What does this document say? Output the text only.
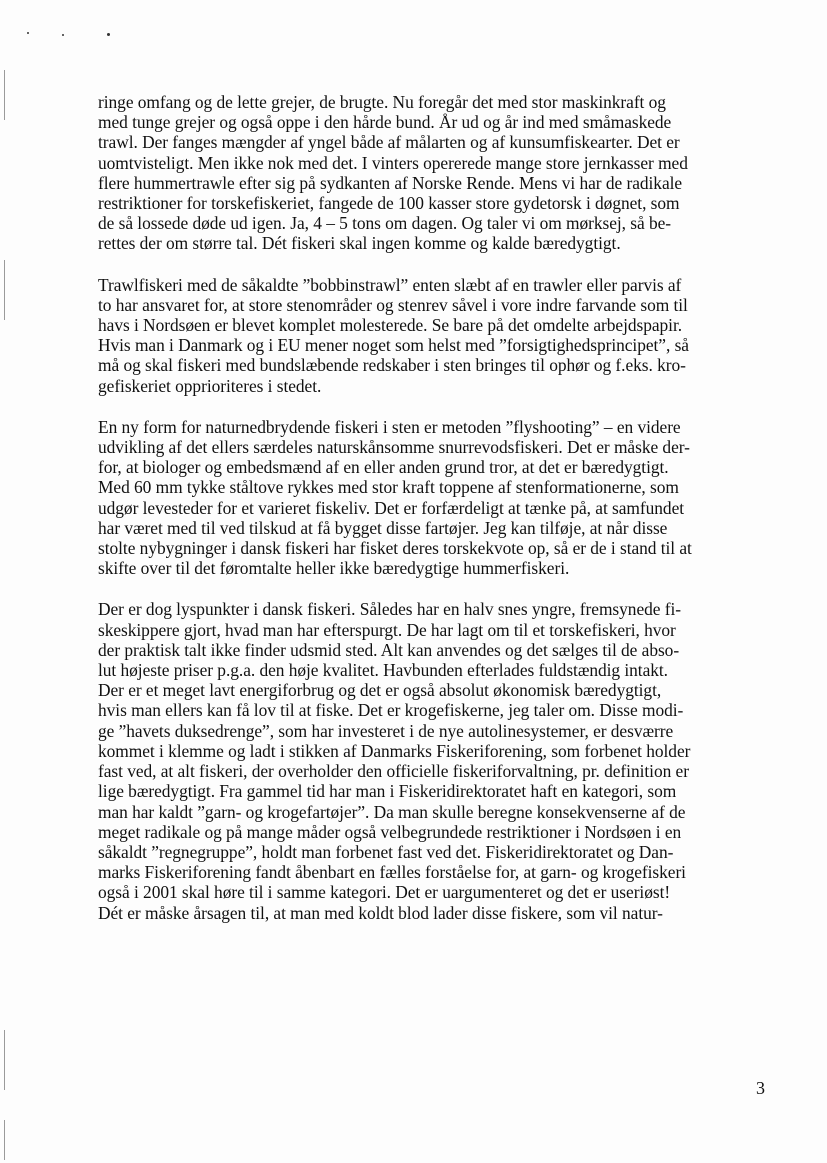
ringe omfang og de lette grejer, de brugte. Nu foregår det med stor maskinkraft og
med tunge grejer og også oppe i den hårde bund. År ud og år ind med småmaskede
trawl. Der fanges mængder af yngel både af målarten og af kunsumfiskearter. Det er
uomtvisteligt. Men ikke nok med det. I vinters opererede mange store jernkasser med
flere hummertrawle efter sig på sydkanten af Norske Rende. Mens vi har de radikale
restriktioner for torskefiskeriet, fangede de 100 kasser store gydetorsk i døgnet, som
de så lossede døde ud igen. Ja, 4 – 5 tons om dagen. Og taler vi om mørksej, så be-
rettes der om større tal. Dét fiskeri skal ingen komme og kalde bæredygtigt.

Trawlfiskeri med de såkaldte ”bobbinstrawl” enten slæbt af en trawler eller parvis af
to har ansvaret for, at store stenområder og stenrev såvel i vore indre farvande som til
havs i Nordsøen er blevet komplet molesterede. Se bare på det omdelte arbejdspapir.
Hvis man i Danmark og i EU mener noget som helst med ”forsigtighedsprincipet”, så
må og skal fiskeri med bundslæbende redskaber i sten bringes til ophør og f.eks. kro-
gefiskeriet opprioriteres i stedet.

En ny form for naturnedbrydende fiskeri i sten er metoden ”flyshooting” – en videre
udvikling af det ellers særdeles naturskånsomme snurrevodsfiskeri. Det er måske der-
for, at biologer og embedsmænd af en eller anden grund tror, at det er bæredygtigt.
Med 60 mm tykke ståltove rykkes med stor kraft toppene af stenformationerne, som
udgør levesteder for et varieret fiskeliv. Det er forfærdeligt at tænke på, at samfundet
har været med til ved tilskud at få bygget disse fartøjer. Jeg kan tilføje, at når disse
stolte nybygninger i dansk fiskeri har fisket deres torskekvote op, så er de i stand til at
skifte over til det føromtalte heller ikke bæredygtige hummerfiskeri.

Der er dog lyspunkter i dansk fiskeri. Således har en halv snes yngre, fremsynede fi-
skeskippere gjort, hvad man har efterspurgt. De har lagt om til et torskefiskeri, hvor
der praktisk talt ikke finder udsmid sted. Alt kan anvendes og det sælges til de abso-
lut højeste priser p.g.a. den høje kvalitet. Havbunden efterlades fuldstændig intakt.
Der er et meget lavt energiforbrug og det er også absolut økonomisk bæredygtigt,
hvis man ellers kan få lov til at fiske. Det er krogefiskerne, jeg taler om. Disse modi-
ge ”havets duksedrenge”, som har investeret i de nye autolinesystemer, er desværre
kommet i klemme og ladt i stikken af Danmarks Fiskeriforening, som forbenet holder
fast ved, at alt fiskeri, der overholder den officielle fiskeriforvaltning, pr. definition er
lige bæredygtigt. Fra gammel tid har man i Fiskeridirektoratet haft en kategori, som
man har kaldt ”garn- og krogefartøjer”. Da man skulle beregne konsekvenserne af de
meget radikale og på mange måder også velbegrundede restriktioner i Nordsøen i en
såkaldt ”regnegruppe”, holdt man forbenet fast ved det. Fiskeridirektoratet og Dan-
marks Fiskeriforening fandt åbenbart en fælles forståelse for, at garn- og krogefiskeri
også i 2001 skal høre til i samme kategori. Det er uargumenteret og det er useriøst!
Dét er måske årsagen til, at man med koldt blod lader disse fiskere, som vil natur-

3
